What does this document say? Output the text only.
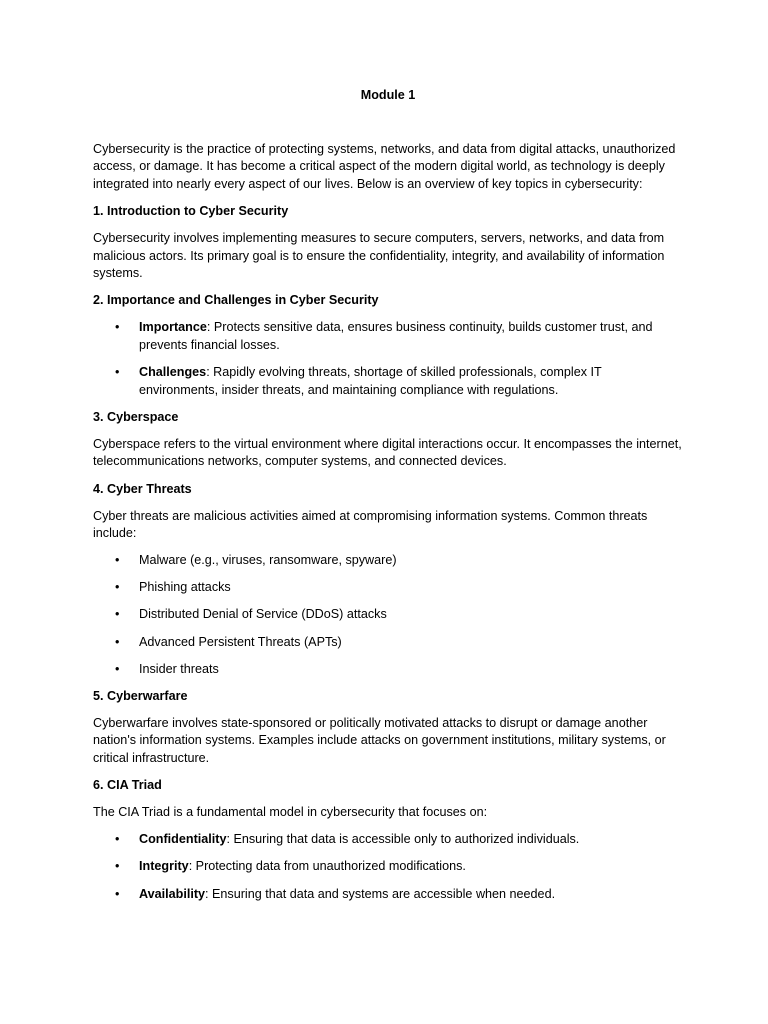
Module 1

Cybersecurity is the practice of protecting systems, networks, and data from digital attacks, unauthorized access, or damage. It has become a critical aspect of the modern digital world, as technology is deeply integrated into nearly every aspect of our lives. Below is an overview of key topics in cybersecurity:

1. Introduction to Cyber Security

Cybersecurity involves implementing measures to secure computers, servers, networks, and data from malicious actors. Its primary goal is to ensure the confidentiality, integrity, and availability of information systems.

2. Importance and Challenges in Cyber Security
• Importance: Protects sensitive data, ensures business continuity, builds customer trust, and prevents financial losses.
• Challenges: Rapidly evolving threats, shortage of skilled professionals, complex IT environments, insider threats, and maintaining compliance with regulations.
3. Cyberspace

Cyberspace refers to the virtual environment where digital interactions occur. It encompasses the internet, telecommunications networks, computer systems, and connected devices.

4. Cyber Threats

Cyber threats are malicious activities aimed at compromising information systems. Common threats include:

• Malware (e.g., viruses, ransomware, spyware)
• Phishing attacks
• Distributed Denial of Service (DDoS) attacks
• Advanced Persistent Threats (APTs)
• Insider threats
5. Cyberwarfare

Cyberwarfare involves state-sponsored or politically motivated attacks to disrupt or damage another nation's information systems. Examples include attacks on government institutions, military systems, or critical infrastructure.

6. CIA Triad

The CIA Triad is a fundamental model in cybersecurity that focuses on:

• Confidentiality: Ensuring that data is accessible only to authorized individuals.
• Integrity: Protecting data from unauthorized modifications.
• Availability: Ensuring that data and systems are accessible when needed.
